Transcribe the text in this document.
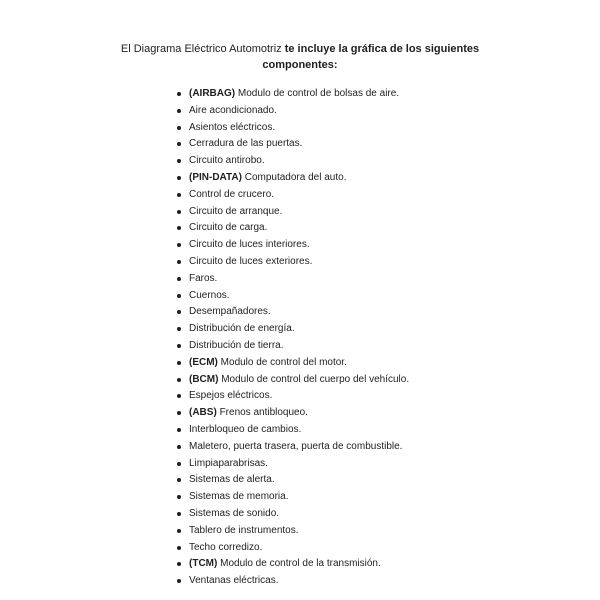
El Diagrama Eléctrico Automotriz te incluye la gráfica de los siguientes
componentes:
(AIRBAG) Modulo de control de bolsas de aire.
Aire acondicionado.
Asientos eléctricos.
Cerradura de las puertas.
Circuito antirobo.
(PIN-DATA) Computadora del auto.
Control de crucero.
Circuito de arranque.
Circuito de carga.
Circuito de luces interiores.
Circuito de luces exteriores.
Faros.
Cuernos.
Desempañadores.
Distribución de energía.
Distribución de tierra.
(ECM) Modulo de control del motor.
(BCM) Modulo de control del cuerpo del vehículo.
Espejos eléctricos.
(ABS) Frenos antibloqueo.
Interbloqueo de cambios.
Maletero, puerta trasera, puerta de combustible.
Limpiaparabrisas.
Sistemas de alerta.
Sistemas de memoria.
Sistemas de sonido.
Tablero de instrumentos.
Techo corredizo.
(TCM) Modulo de control de la transmisión.
Ventanas eléctricas.
